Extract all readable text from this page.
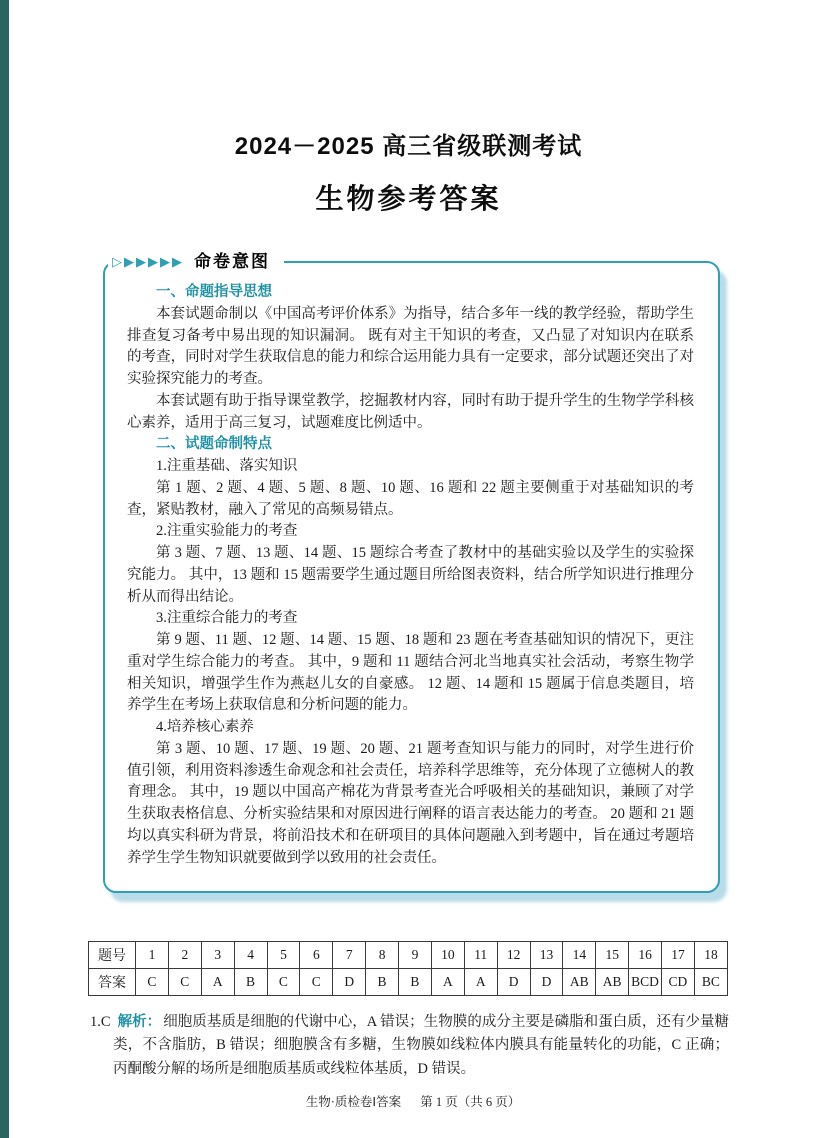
2024－2025 高三省级联测考试
生物参考答案
▷ ▶▶▶▶▶ 命卷意图
一、命题指导思想

本套试题命制以《中国高考评价体系》为指导，结合多年一线的教学经验，帮助学生排查复习备考中易出现的知识漏洞。 既有对主干知识的考查，又凸显了对知识内在联系的考查，同时对学生获取信息的能力和综合运用能力具有一定要求，部分试题还突出了对实验探究能力的考查。

本套试题有助于指导课堂教学，挖掘教材内容，同时有助于提升学生的生物学学科核心素养，适用于高三复习，试题难度比例适中。

二、试题命制特点

1.注重基础、落实知识

第 1 题、2 题、4 题、5 题、8 题、10 题、16 题和 22 题主要侧重于对基础知识的考查，紧贴教材，融入了常见的高频易错点。

2.注重实验能力的考查

第 3 题、7 题、13 题、14 题、15 题综合考查了教材中的基础实验以及学生的实验探究能力。 其中，13 题和 15 题需要学生通过题目所给图表资料，结合所学知识进行推理分析从而得出结论。

3.注重综合能力的考查

第 9 题、11 题、12 题、14 题、15 题、18 题和 23 题在考查基础知识的情况下，更注重对学生综合能力的考查。 其中，9 题和 11 题结合河北当地真实社会活动，考察生物学相关知识，增强学生作为燕赵儿女的自豪感。 12 题、14 题和 15 题属于信息类题目，培养学生在考场上获取信息和分析问题的能力。

4.培养核心素养

第 3 题、10 题、17 题、19 题、20 题、21 题考查知识与能力的同时，对学生进行价值引领，利用资料渗透生命观念和社会责任，培养科学思维等，充分体现了立德树人的教育理念。 其中，19 题以中国高产棉花为背景考查光合呼吸相关的基础知识，兼顾了对学生获取表格信息、分析实验结果和对原因进行阐释的语言表达能力的考查。 20 题和 21 题均以真实科研为背景，将前沿技术和在研项目的具体问题融入到考题中，旨在通过考题培养学生学生物知识就要做到学以致用的社会责任。

题号	1	2	3	4	5	6	7	8	9	10	11	12	13	14	15	16	17	18
答案	C	C	A	B	C	C	D	B	B	A	A	D	D	AB	AB	BCD	CD	BC

1.C 解析： 细胞质基质是细胞的代谢中心，A 错误；生物膜的成分主要是磷脂和蛋白质，还有少量糖类，不含脂肪，B 错误；细胞膜含有多糖，生物膜如线粒体内膜具有能量转化的功能，C 正确；丙酮酸分解的场所是细胞质基质或线粒体基质，D 错误。

生物·质检卷Ⅰ答案 第 1 页（共 6 页）
